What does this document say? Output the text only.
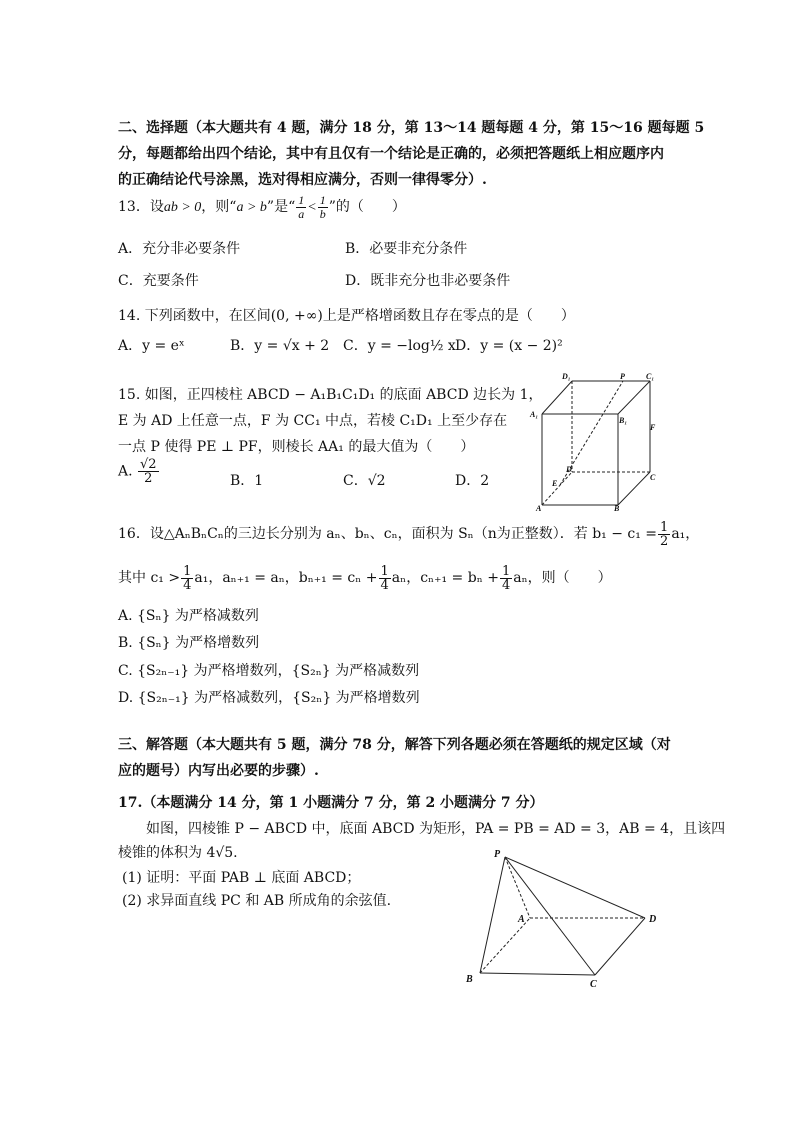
二、选择题（本大题共有 4 题，满分 18 分，第 13～14 题每题 4 分，第 15～16 题每题 5
分，每题都给出四个结论，其中有且仅有一个结论是正确的，必须把答题纸上相应题序内
的正确结论代号涂黑，选对得相应满分，否则一律得零分）.
13．设ab > 0，则“a > b”是“ $\frac{1}{a} < \frac{1}{b}$ ”的（　　）
A．充分非必要条件	B．必要非充分条件
C．充要条件	D．既非充分也非必要条件
14. 下列函数中，在区间(0, +∞)上是严格增函数且存在零点的是（　　）
A．y = eˣ	B．y = √x + 2 C．y = −log½ x D．y = (x − 2)²
15. 如图，正四棱柱 ABCD − A₁B₁C₁D₁ 的底面 ABCD 边长为 1，
E 为 AD 上任意一点，F 为 CC₁ 中点，若棱 C₁D₁ 上至少存在
一点 P 使得 PE ⊥ PF，则棱长 AA₁ 的最大值为（　　）
A. $\frac{√2}{2}$	B．1	C．√2	D．2
D₁	P	C₁
A₁
B₁
F
D
C
E
A	B
16．设△AₙBₙCₙ的三边长分别为 aₙ、bₙ、cₙ，面积为 Sₙ（n为正整数）．若 $b_1 - c_1 = \frac{1}{2} a_1$，
其中 $c_1 > \frac{1}{4} a_1$，aₙ₊₁ = aₙ，$b_{n+1} = c_n + \frac{1}{4}$ aₙ，$c_{n+1} = b_n + \frac{1}{4}$ aₙ，则（　　）
A. {Sₙ} 为严格减数列
B. {Sₙ} 为严格增数列
C. {S₂ₙ₋₁} 为严格增数列，{S₂ₙ} 为严格减数列
D. {S₂ₙ₋₁} 为严格减数列，{S₂ₙ} 为严格增数列
三、解答题（本大题共有 5 题，满分 78 分，解答下列各题必须在答题纸的规定区域（对
应的题号）内写出必要的步骤）.
17.（本题满分 14 分，第 1 小题满分 7 分，第 2 小题满分 7 分）
如图，四棱锥 P − ABCD 中，底面 ABCD 为矩形，PA = PB = AD = 3，AB = 4，且该四
棱锥的体积为 4√5.
(1) 证明：平面 PAB ⊥ 底面 ABCD；
(2) 求异面直线 PC 和 AB 所成角的余弦值.
P
A	D
B	C
